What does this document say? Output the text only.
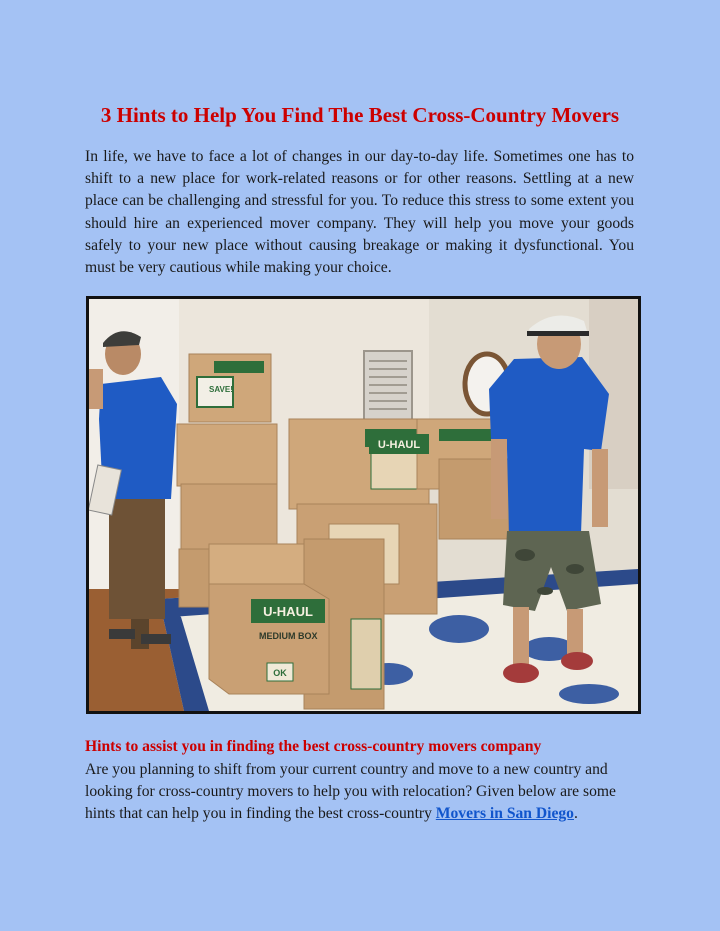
3 Hints to Help You Find The Best Cross-Country Movers

In life, we have to face a lot of changes in our day-to-day life. Sometimes one has to shift to a new place for work-related reasons or for other reasons. Settling at a new place can be challenging and stressful for you. To reduce this stress to some extent you should hire an experienced mover company. They will help you move your goods safely to your new place without causing breakage or making it dysfunctional. You must be very cautious while making your choice.

U-HAUL
MEDIUM BOX
OK
U-HAUL
SAVE!
Hints to assist you in finding the best cross-country movers company

Are you planning to shift from your current country and move to a new country and looking for cross-country movers to help you with relocation? Given below are some hints that can help you in finding the best cross-country Movers in San Diego.
